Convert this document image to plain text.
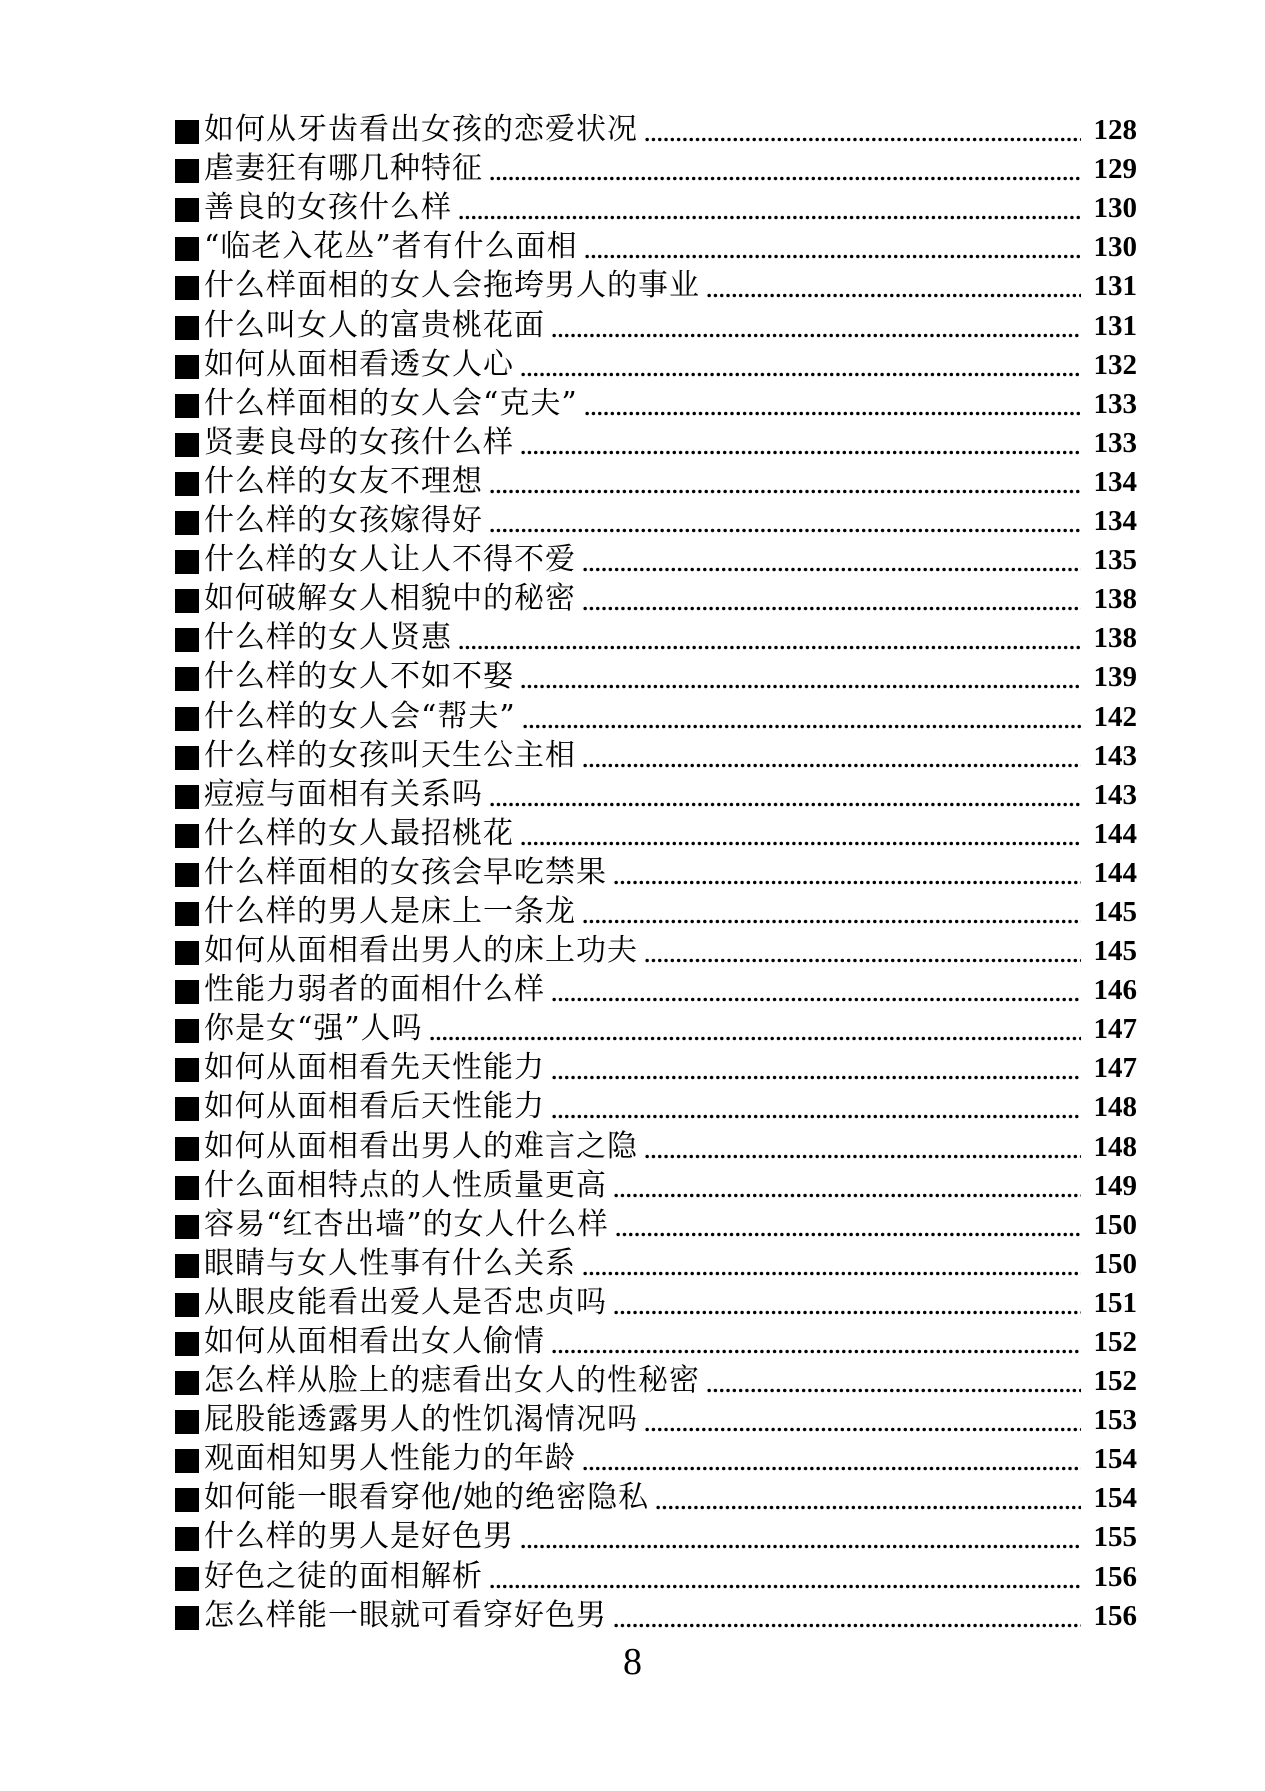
如何从牙齿看出女孩的恋爱状况	128
虐妻狂有哪几种特征	129
善良的女孩什么样	130
“临老入花丛”者有什么面相	130
什么样面相的女人会拖垮男人的事业	131
什么叫女人的富贵桃花面	131
如何从面相看透女人心	132
什么样面相的女人会“克夫”	133
贤妻良母的女孩什么样	133
什么样的女友不理想	134
什么样的女孩嫁得好	134
什么样的女人让人不得不爱	135
如何破解女人相貌中的秘密	138
什么样的女人贤惠	138
什么样的女人不如不娶	139
什么样的女人会“帮夫”	142
什么样的女孩叫天生公主相	143
痘痘与面相有关系吗	143
什么样的女人最招桃花	144
什么样面相的女孩会早吃禁果	144
什么样的男人是床上一条龙	145
如何从面相看出男人的床上功夫	145
性能力弱者的面相什么样	146
你是女“强”人吗	147
如何从面相看先天性能力	147
如何从面相看后天性能力	148
如何从面相看出男人的难言之隐	148
什么面相特点的人性质量更高	149
容易“红杏出墙”的女人什么样	150
眼睛与女人性事有什么关系	150
从眼皮能看出爱人是否忠贞吗	151
如何从面相看出女人偷情	152
怎么样从脸上的痣看出女人的性秘密	152
屁股能透露男人的性饥渴情况吗	153
观面相知男人性能力的年龄	154
如何能一眼看穿他/她的绝密隐私	154
什么样的男人是好色男	155
好色之徒的面相解析	156
怎么样能一眼就可看穿好色男	156
8
